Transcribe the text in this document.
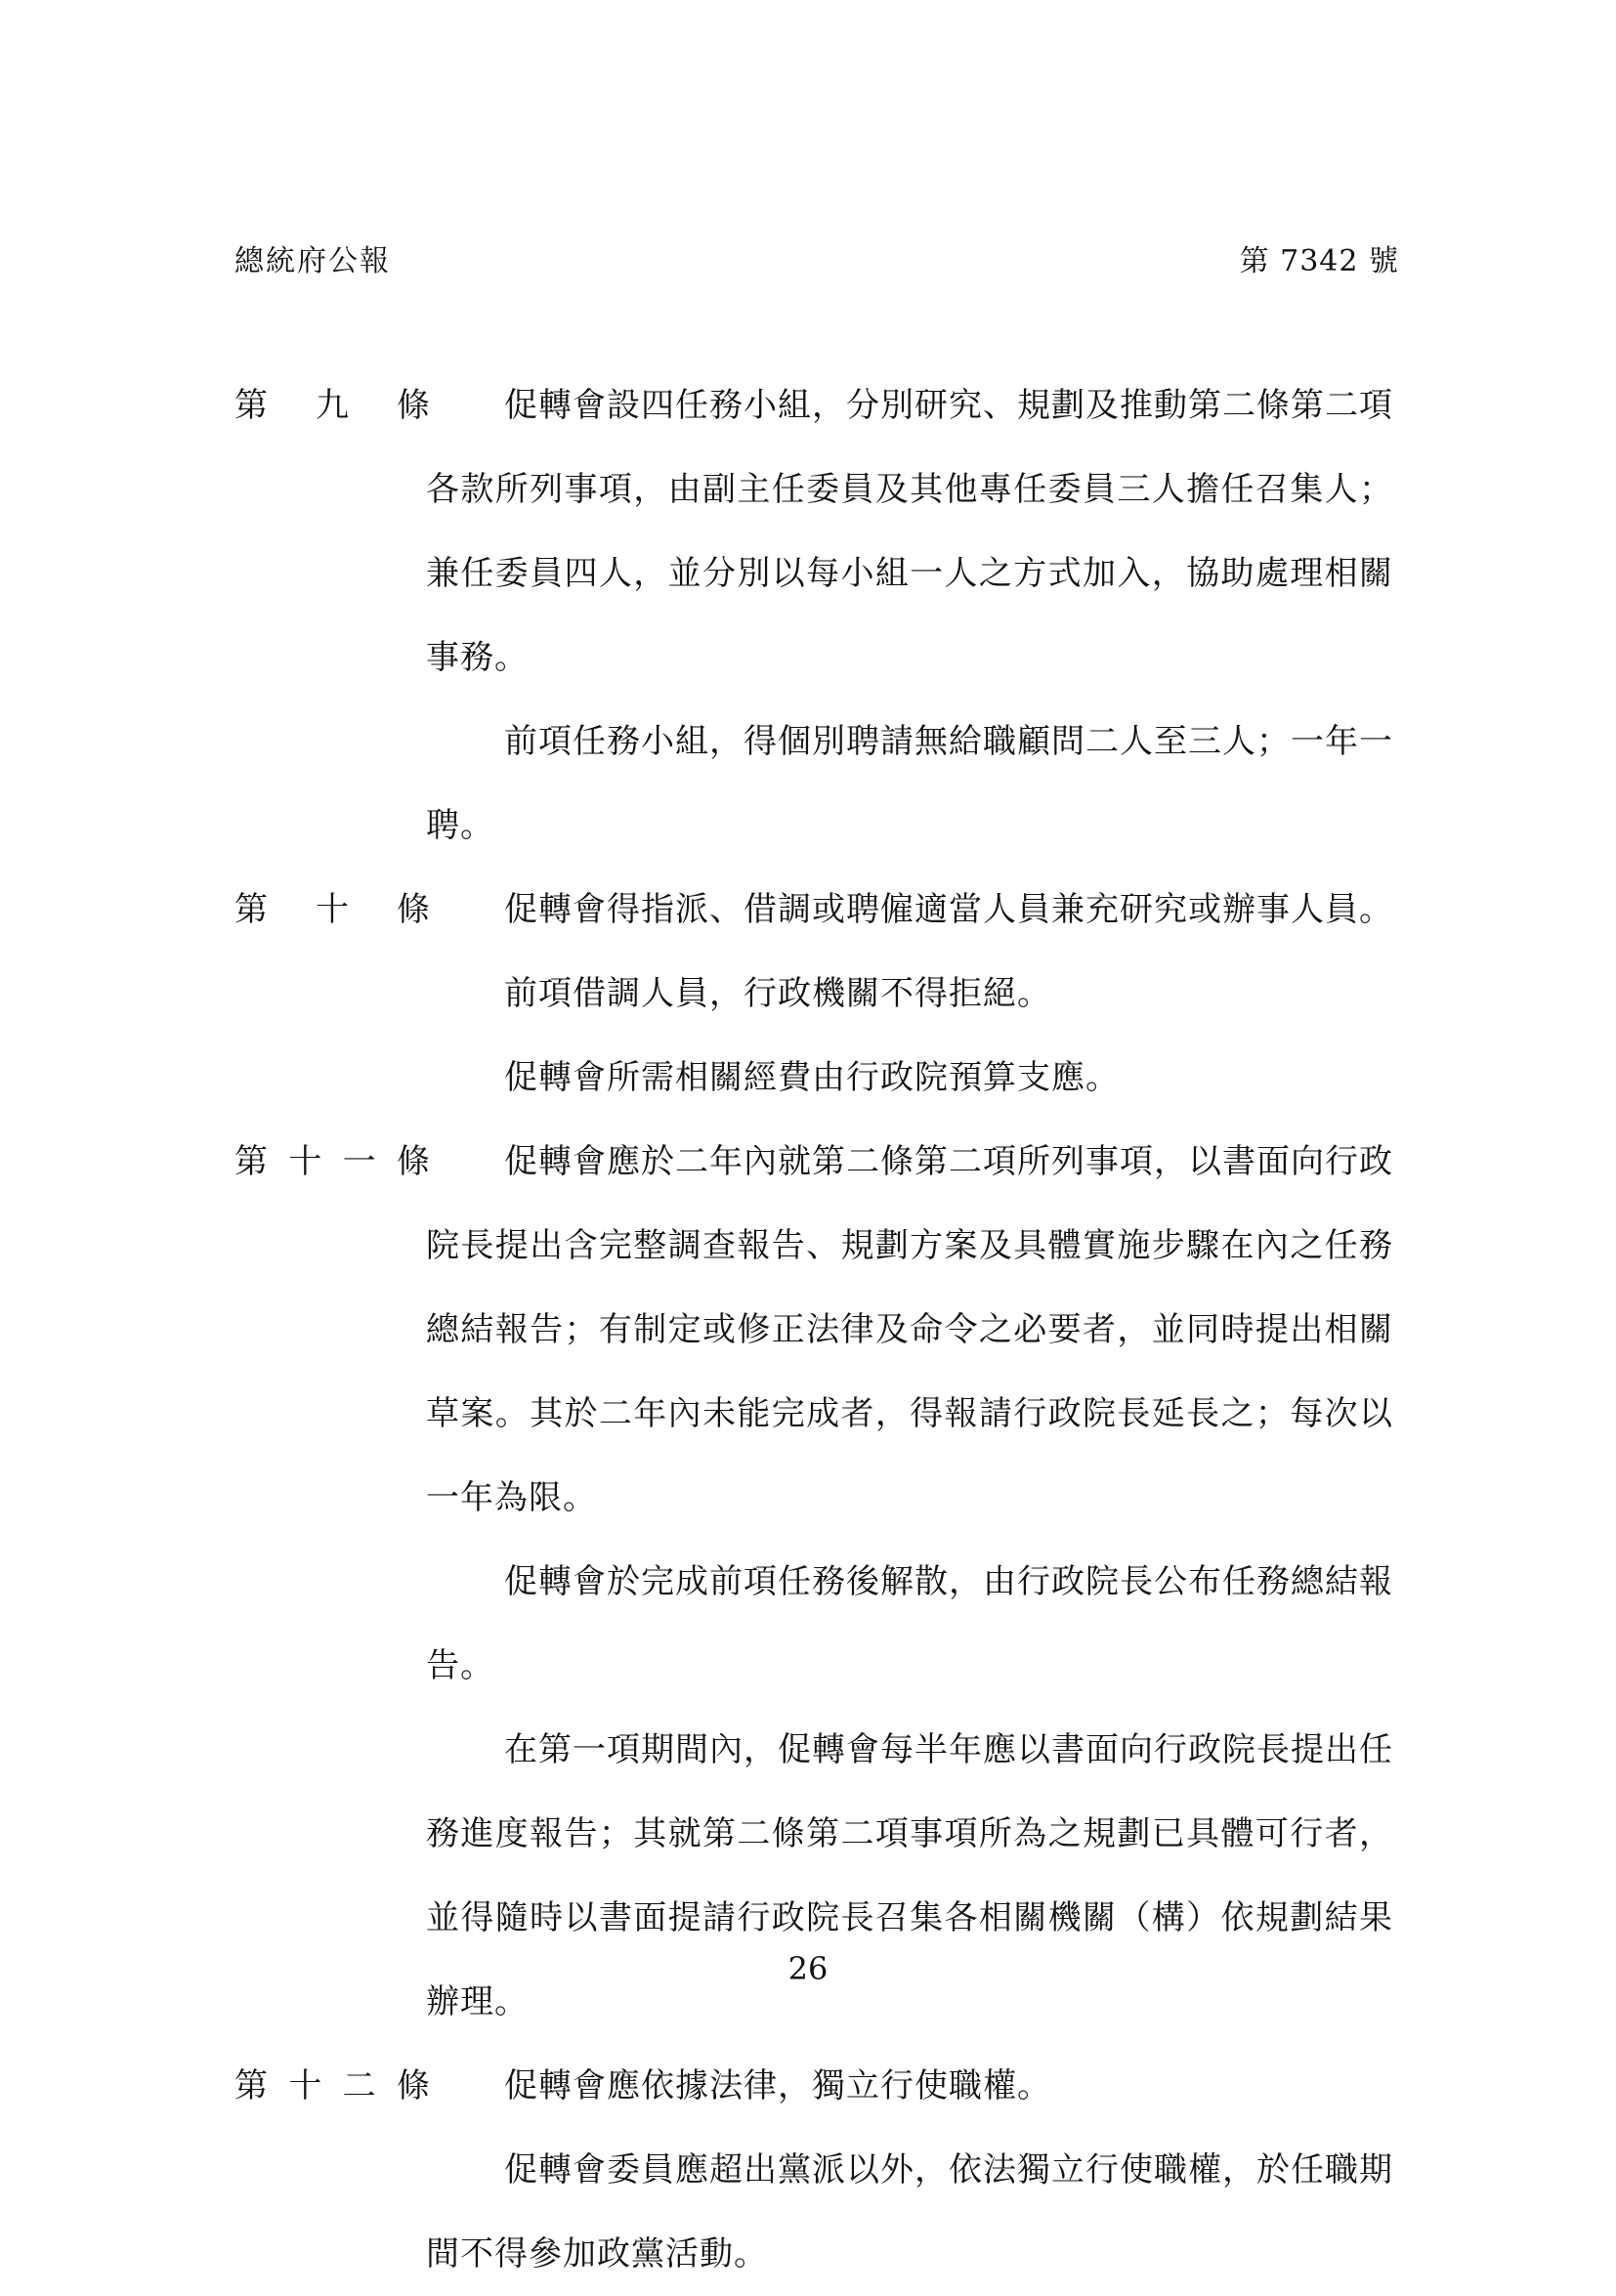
總統府公報	第 7342 號
第 九 條	促轉會設四任務小組，分別研究、規劃及推動第二條第二項各款所列事項，由副主任委員及其他專任委員三人擔任召集人；兼任委員四人，並分別以每小組一人之方式加入，協助處理相關事務。

前項任務小組，得個別聘請無給職顧問二人至三人；一年一聘。

第 十 條	促轉會得指派、借調或聘僱適當人員兼充研究或辦事人員。

前項借調人員，行政機關不得拒絕。

促轉會所需相關經費由行政院預算支應。

第 十 一 條	促轉會應於二年內就第二條第二項所列事項，以書面向行政院長提出含完整調查報告、規劃方案及具體實施步驟在內之任務總結報告；有制定或修正法律及命令之必要者，並同時提出相關草案。其於二年內未能完成者，得報請行政院長延長之；每次以一年為限。

促轉會於完成前項任務後解散，由行政院長公布任務總結報告。

在第一項期間內，促轉會每半年應以書面向行政院長提出任務進度報告；其就第二條第二項事項所為之規劃已具體可行者，並得隨時以書面提請行政院長召集各相關機關（構）依規劃結果辦理。

第 十 二 條	促轉會應依據法律，獨立行使職權。

促轉會委員應超出黨派以外，依法獨立行使職權，於任職期間不得參加政黨活動。

26
